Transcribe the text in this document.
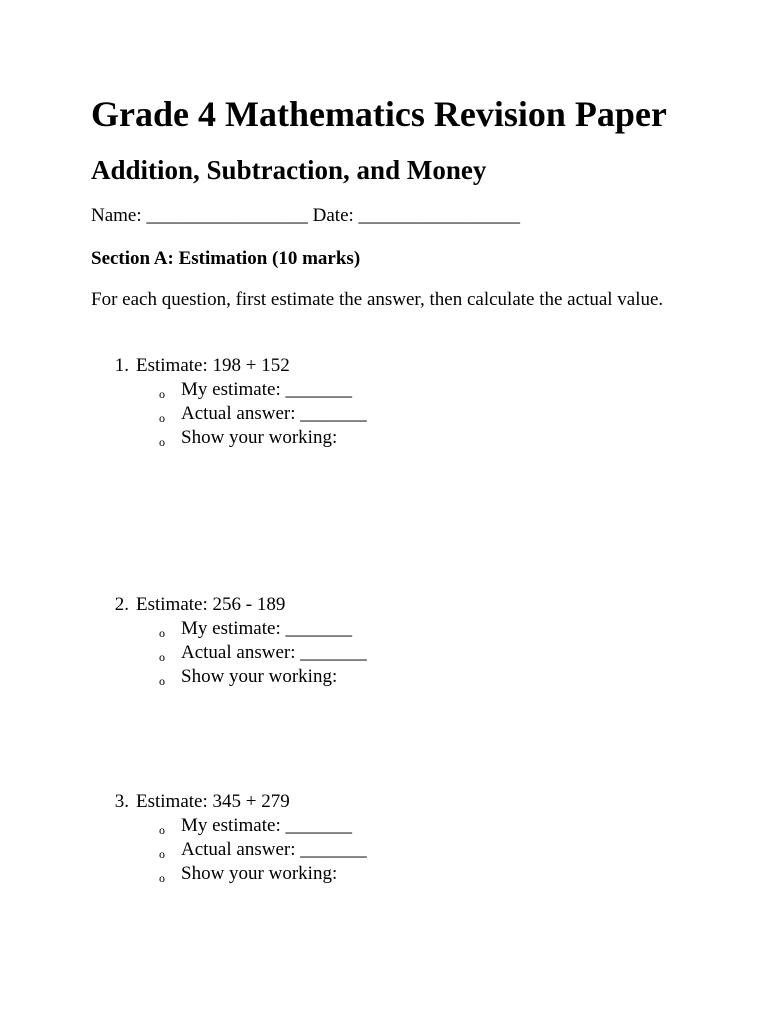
Grade 4 Mathematics Revision Paper
Addition, Subtraction, and Money
Name: _________________ Date: _________________
Section A: Estimation (10 marks)
For each question, first estimate the answer, then calculate the actual value.
1. Estimate: 198 + 152
o My estimate: _______
o Actual answer: _______
o Show your working:
2. Estimate: 256 - 189
o My estimate: _______
o Actual answer: _______
o Show your working:
3. Estimate: 345 + 279
o My estimate: _______
o Actual answer: _______
o Show your working:
